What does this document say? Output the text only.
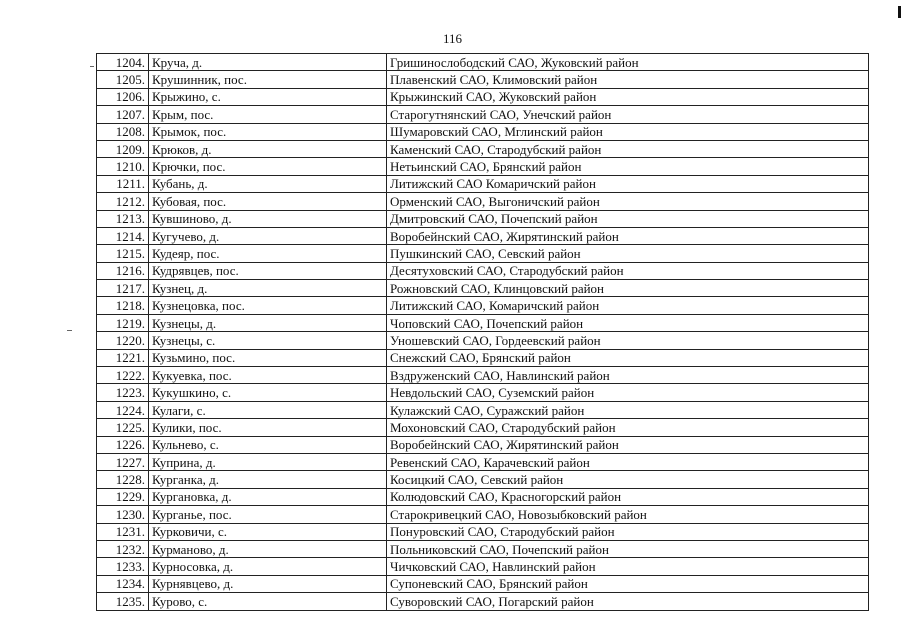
116
1204.	Круча, д.	Гришинослободский САО, Жуковский район
1205.	Крушинник, пос.	Плавенский САО, Климовский район
1206.	Крыжино, с.	Крыжинский САО, Жуковский район
1207.	Крым, пос.	Старогутнянский САО, Унечский район
1208.	Крымок, пос.	Шумаровский САО, Мглинский район
1209.	Крюков, д.	Каменский САО, Стародубский район
1210.	Крючки, пос.	Нетьинский САО, Брянский район
1211.	Кубань, д.	Литижский САО Комаричский район
1212.	Кубовая, пос.	Орменский САО, Выгоничский район
1213.	Кувшиново, д.	Дмитровский САО, Почепский район
1214.	Кугучево, д.	Воробейнский САО, Жирятинский район
1215.	Кудеяр, пос.	Пушкинский САО, Севский район
1216.	Кудрявцев, пос.	Десятуховский САО, Стародубский район
1217.	Кузнец, д.	Рожновский САО, Клинцовский район
1218.	Кузнецовка, пос.	Литижский САО, Комаричский район
1219.	Кузнецы, д.	Чоповский САО, Почепский район
1220.	Кузнецы, с.	Уношевский САО, Гордеевский район
1221.	Кузьмино, пос.	Снежский САО, Брянский район
1222.	Кукуевка, пос.	Вздруженский САО, Навлинский район
1223.	Кукушкино, с.	Невдольский САО, Суземский район
1224.	Кулаги, с.	Кулажский САО, Суражский район
1225.	Кулики, пос.	Мохоновский САО, Стародубский район
1226.	Кульнево, с.	Воробейнский САО, Жирятинский район
1227.	Куприна, д.	Ревенский САО, Карачевский район
1228.	Курганка, д.	Косицкий САО, Севский район
1229.	Кургановка, д.	Колюдовский САО, Красногорский район
1230.	Курганье, пос.	Старокривецкий САО, Новозыбковский район
1231.	Курковичи, с.	Понуровский САО, Стародубский район
1232.	Курманово, д.	Польниковский САО, Почепский район
1233.	Курносовка, д.	Чичковский САО, Навлинский район
1234.	Курнявцево, д.	Супоневский САО, Брянский район
1235.	Курово, с.	Суворовский САО, Погарский район
